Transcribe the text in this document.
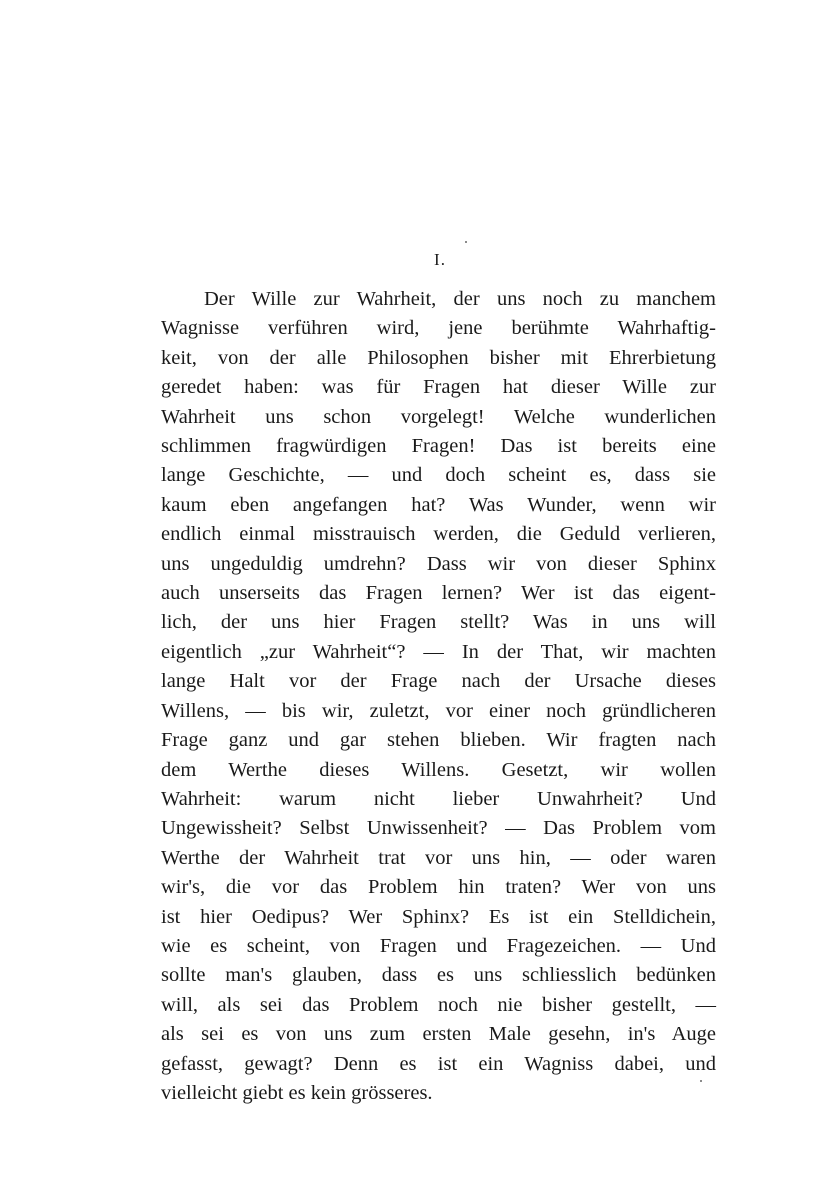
I.

Der Wille zur Wahrheit, der uns noch zu manchem
Wagnisse verführen wird, jene berühmte Wahrhaftig-
keit, von der alle Philosophen bisher mit Ehrerbietung
geredet haben: was für Fragen hat dieser Wille zur
Wahrheit uns schon vorgelegt! Welche wunderlichen
schlimmen fragwürdigen Fragen! Das ist bereits eine
lange Geschichte, — und doch scheint es, dass sie
kaum eben angefangen hat? Was Wunder, wenn wir
endlich einmal misstrauisch werden, die Geduld verlieren,
uns ungeduldig umdrehn? Dass wir von dieser Sphinx
auch unserseits das Fragen lernen? Wer ist das eigent-
lich, der uns hier Fragen stellt? Was in uns will
eigentlich „zur Wahrheit“? — In der That, wir machten
lange Halt vor der Frage nach der Ursache dieses
Willens, — bis wir, zuletzt, vor einer noch gründlicheren
Frage ganz und gar stehen blieben. Wir fragten nach
dem Werthe dieses Willens. Gesetzt, wir wollen
Wahrheit: warum nicht lieber Unwahrheit? Und
Ungewissheit? Selbst Unwissenheit? — Das Problem vom
Werthe der Wahrheit trat vor uns hin, — oder waren
wir's, die vor das Problem hin traten? Wer von uns
ist hier Oedipus? Wer Sphinx? Es ist ein Stelldichein,
wie es scheint, von Fragen und Fragezeichen. — Und
sollte man's glauben, dass es uns schliesslich bedünken
will, als sei das Problem noch nie bisher gestellt, —
als sei es von uns zum ersten Male gesehn, in's Auge
gefasst, gewagt? Denn es ist ein Wagniss dabei, und
vielleicht giebt es kein grösseres.
